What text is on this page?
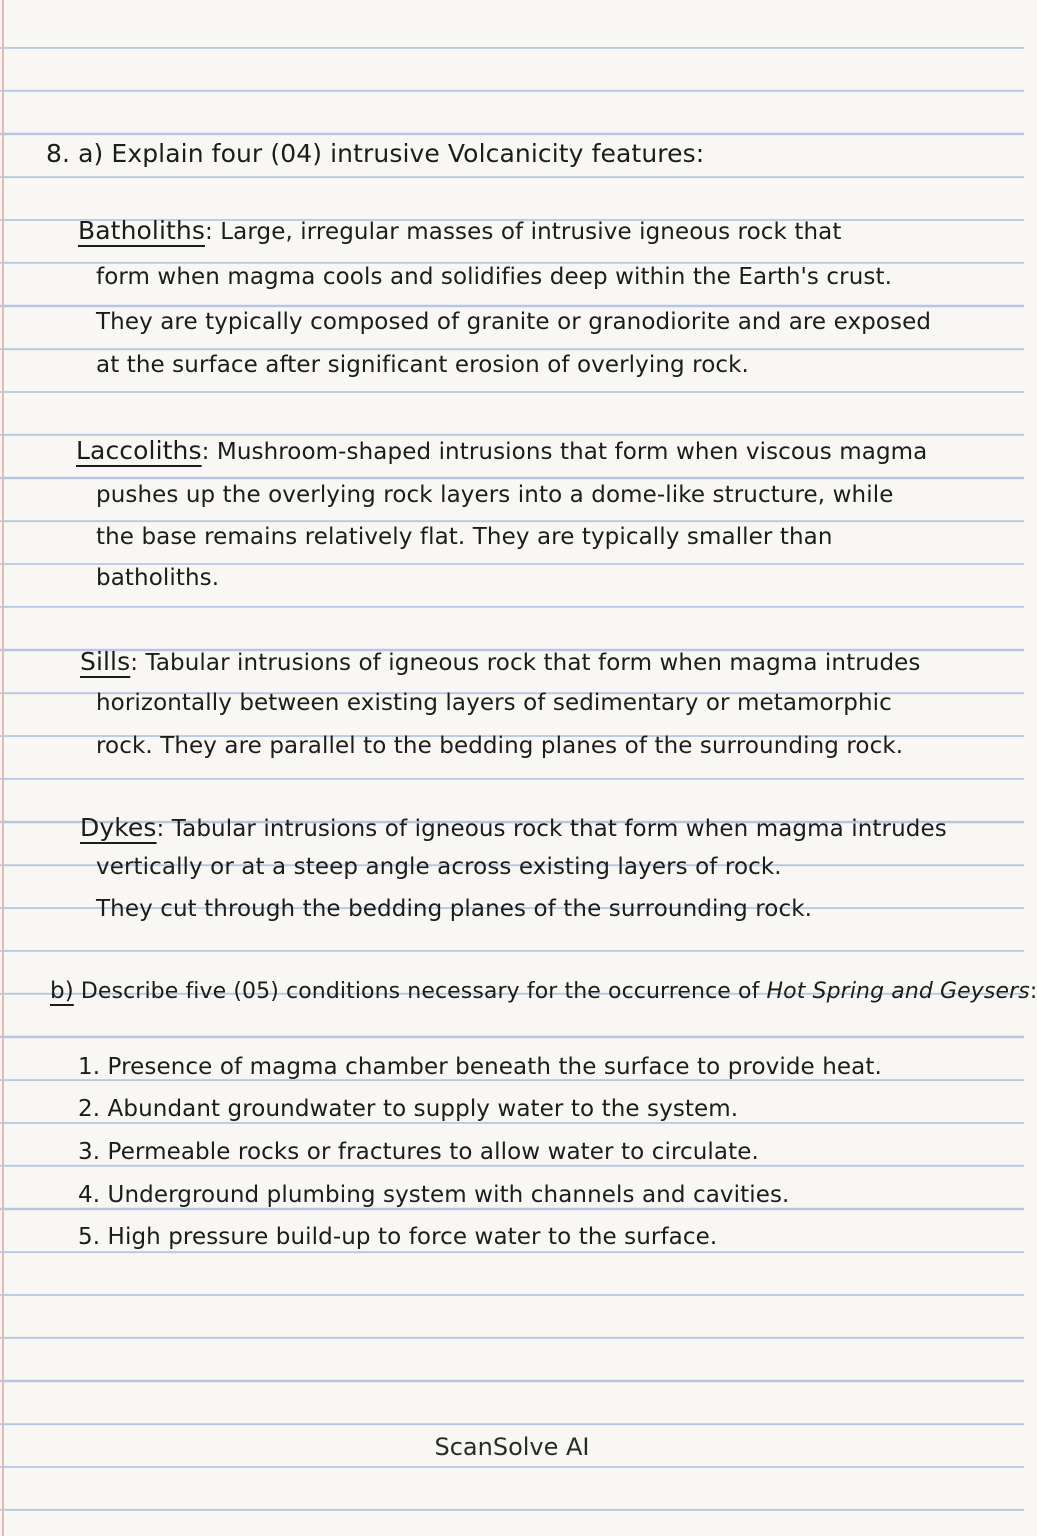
8. a) Explain four (04) intrusive Volcanicity features:
Batholiths: Large, irregular masses of intrusive igneous rock that
form when magma cools and solidifies deep within the Earth's crust.
They are typically composed of granite or granodiorite and are exposed
at the surface after significant erosion of overlying rock.
Laccoliths: Mushroom-shaped intrusions that form when viscous magma
pushes up the overlying rock layers into a dome-like structure, while
the base remains relatively flat. They are typically smaller than
batholiths.
Sills: Tabular intrusions of igneous rock that form when magma intrudes
horizontally between existing layers of sedimentary or metamorphic
rock. They are parallel to the bedding planes of the surrounding rock.
Dykes: Tabular intrusions of igneous rock that form when magma intrudes
vertically or at a steep angle across existing layers of rock.
They cut through the bedding planes of the surrounding rock.
b) Describe five (05) conditions necessary for the occurrence of Hot Spring and Geysers:
1. Presence of magma chamber beneath the surface to provide heat.
2. Abundant groundwater to supply water to the system.
3. Permeable rocks or fractures to allow water to circulate.
4. Underground plumbing system with channels and cavities.
5. High pressure build-up to force water to the surface.
ScanSolve AI
